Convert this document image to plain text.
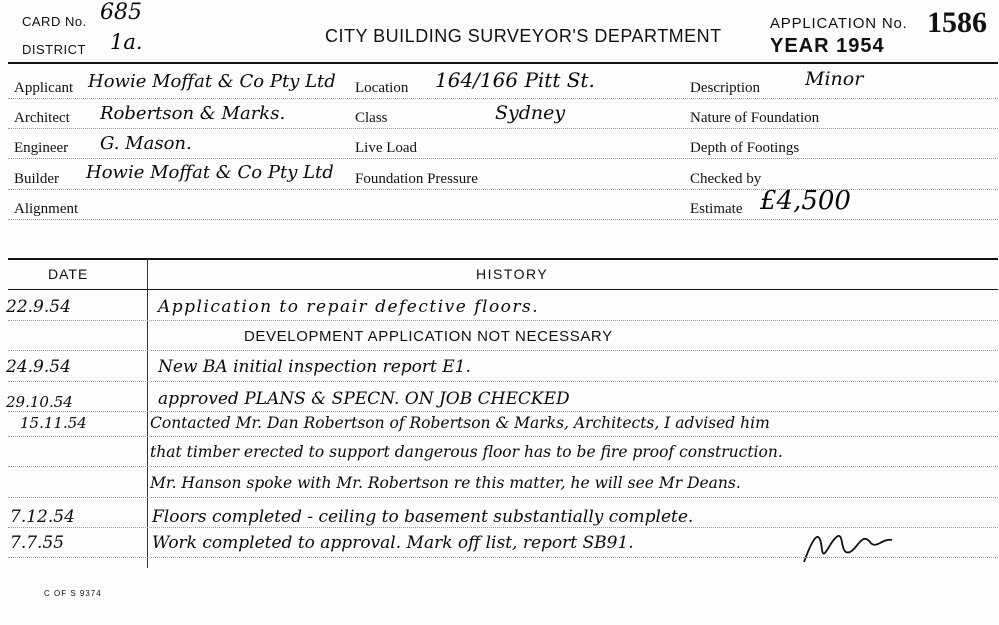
CARD No. 685
DISTRICT 1a.	CITY BUILDING SURVEYOR'S DEPARTMENT
APPLICATION No. 1586
YEAR 1954
Applicant Howie Moffat & Co Pty Ltd
Architect Robertson & Marks.
Engineer G. Mason.
Builder Howie Moffat & Co Pty Ltd
Alignment
Location 164/166 Pitt St.
Class	Sydney
Live Load
Foundation Pressure
Description Minor
Nature of Foundation
Depth of Footings
Checked by
Estimate £4,500
DATE	HISTORY
22.9.54	Application to repair defective floors.
DEVELOPMENT APPLICATION NOT NECESSARY
24.9.54	New BA initial inspection report E1.
29.10.54	approved PLANS & SPECN. ON JOB CHECKED
15.11.54	Contacted Mr. Dan Robertson of Robertson & Marks, Architects, I advised him
that timber erected to support dangerous floor has to be fire proof construction.
Mr. Hanson spoke with Mr. Robertson re this matter, he will see Mr Deans.
7.12.54	Floors completed - ceiling to basement substantially complete.
7.7.55	Work completed to approval. Mark off list, report SB91.
C OF S 9374
